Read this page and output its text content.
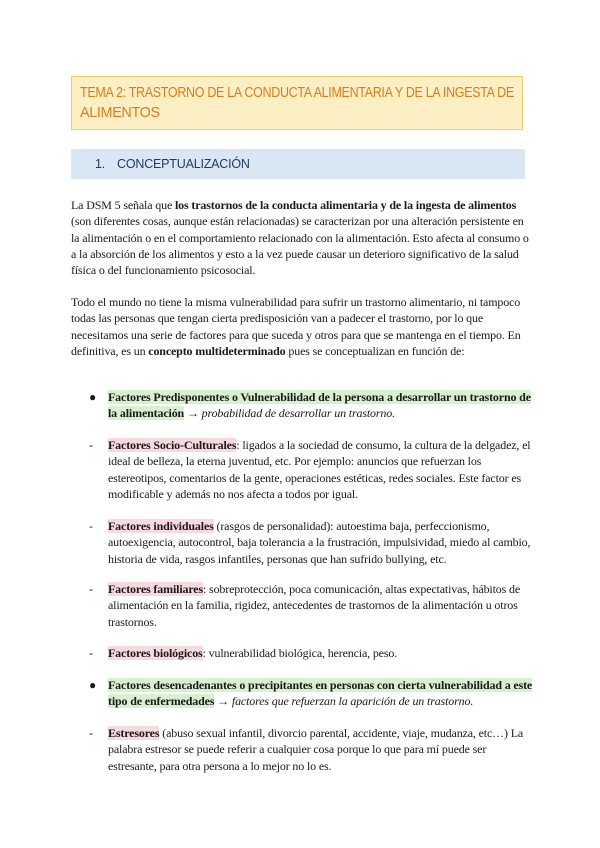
TEMA 2: TRASTORNO DE LA CONDUCTA ALIMENTARIA Y DE LA INGESTA DE
ALIMENTOS
1. CONCEPTUALIZACIÓN
La DSM 5 señala que los trastornos de la conducta alimentaria y de la ingesta de alimentos (son diferentes cosas, aunque están relacionadas) se caracterizan por una alteración persistente en la alimentación o en el comportamiento relacionado con la alimentación. Esto afecta al consumo o a la absorción de los alimentos y esto a la vez puede causar un deterioro significativo de la salud física o del funcionamiento psicosocial.
Todo el mundo no tiene la misma vulnerabilidad para sufrir un trastorno alimentario, ni tampoco todas las personas que tengan cierta predisposición van a padecer el trastorno, por lo que necesitamos una serie de factores para que suceda y otros para que se mantenga en el tiempo. En definitiva, es un concepto multideterminado pues se conceptualizan en función de:
● Factores Predisponentes o Vulnerabilidad de la persona a desarrollar un trastorno de la alimentación → probabilidad de desarrollar un trastorno.
- Factores Socio-Culturales: ligados a la sociedad de consumo, la cultura de la delgadez, el ideal de belleza, la eterna juventud, etc. Por ejemplo: anuncios que refuerzan los estereotipos, comentarios de la gente, operaciones estéticas, redes sociales. Este factor es modificable y además no nos afecta a todos por igual.
- Factores individuales (rasgos de personalidad): autoestima baja, perfeccionismo, autoexigencia, autocontrol, baja tolerancia a la frustración, impulsividad, miedo al cambio, historia de vida, rasgos infantiles, personas que han sufrido bullying, etc.
- Factores familiares: sobreprotección, poca comunicación, altas expectativas, hábitos de alimentación en la familia, rigidez, antecedentes de trastornos de la alimentación u otros trastornos.
- Factores biológicos: vulnerabilidad biológica, herencia, peso.
● Factores desencadenantes o precipitantes en personas con cierta vulnerabilidad a este tipo de enfermedades → factores que refuerzan la aparición de un trastorno.
- Estresores (abuso sexual infantil, divorcio parental, accidente, viaje, mudanza, etc…) La palabra estresor se puede referir a cualquier cosa porque lo que para mí puede ser estresante, para otra persona a lo mejor no lo es.
